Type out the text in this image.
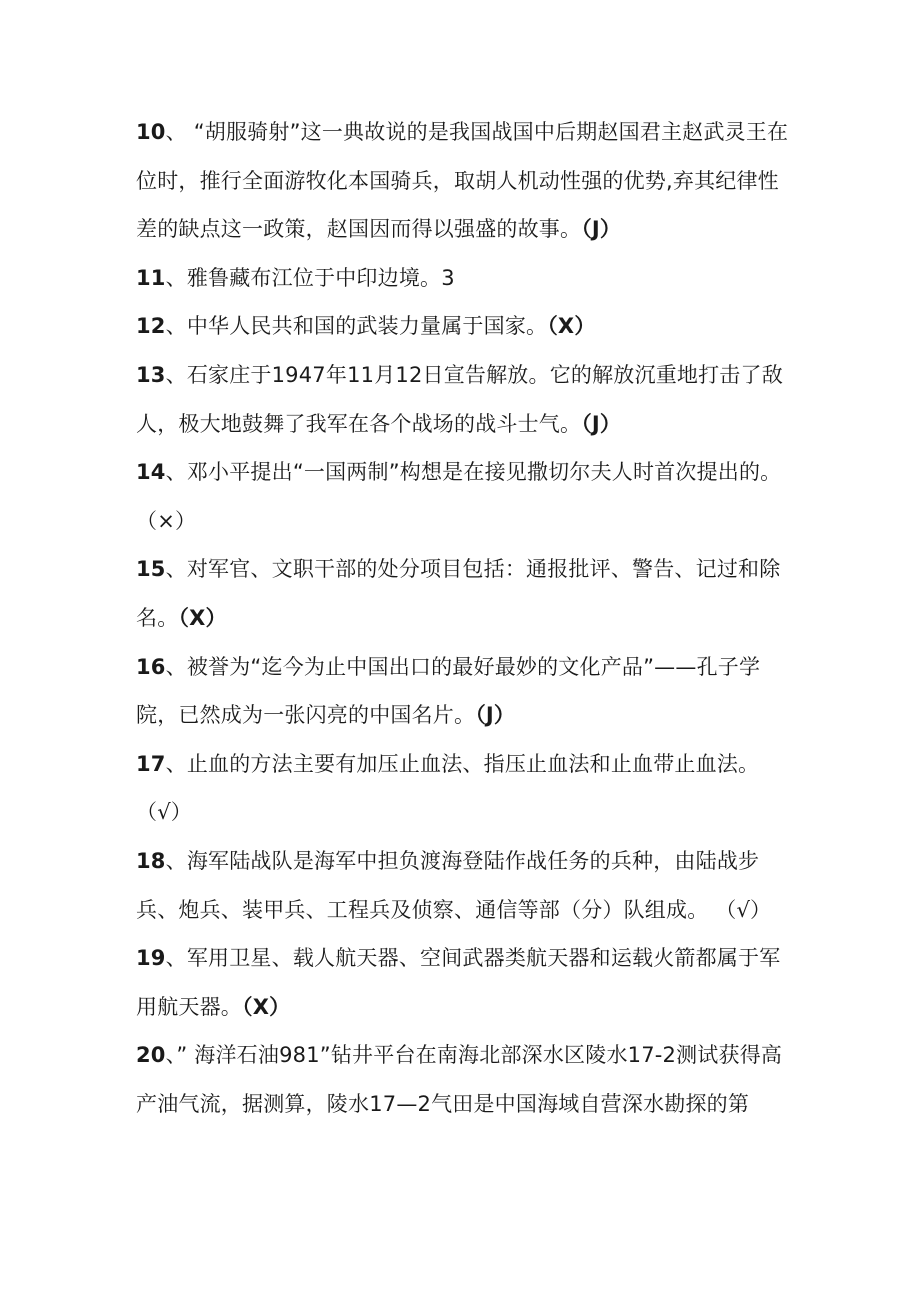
10、 “胡服骑射”这一典故说的是我国战国中后期赵国君主赵武灵王在位时，推行全面游牧化本国骑兵，取胡人机动性强的优势,弃其纪律性差的缺点这一政策，赵国因而得以强盛的故事。（J）

11、雅鲁藏布江位于中印边境。3

12、中华人民共和国的武装力量属于国家。（X）

13、石家庄于1947年11月12日宣告解放。它的解放沉重地打击了敌人，极大地鼓舞了我军在各个战场的战斗士气。（J）

14、邓小平提出“一国两制”构想是在接见撒切尔夫人时首次提出的。（×）

15、对军官、文职干部的处分项目包括：通报批评、警告、记过和除名。（X）

16、被誉为“迄今为止中国出口的最好最妙的文化产品”——孔子学院，已然成为一张闪亮的中国名片。（J）

17、止血的方法主要有加压止血法、指压止血法和止血带止血法。 （√）

18、海军陆战队是海军中担负渡海登陆作战任务的兵种，由陆战步兵、炮兵、装甲兵、工程兵及侦察、通信等部（分）队组成。 （√）

19、军用卫星、载人航天器、空间武器类航天器和运载火箭都属于军用航天器。（X）

20、” 海洋石油981”钻井平台在南海北部深水区陵水17-2测试获得高产油气流，据测算，陵水17—2气田是中国海域自营深水勘探的第
